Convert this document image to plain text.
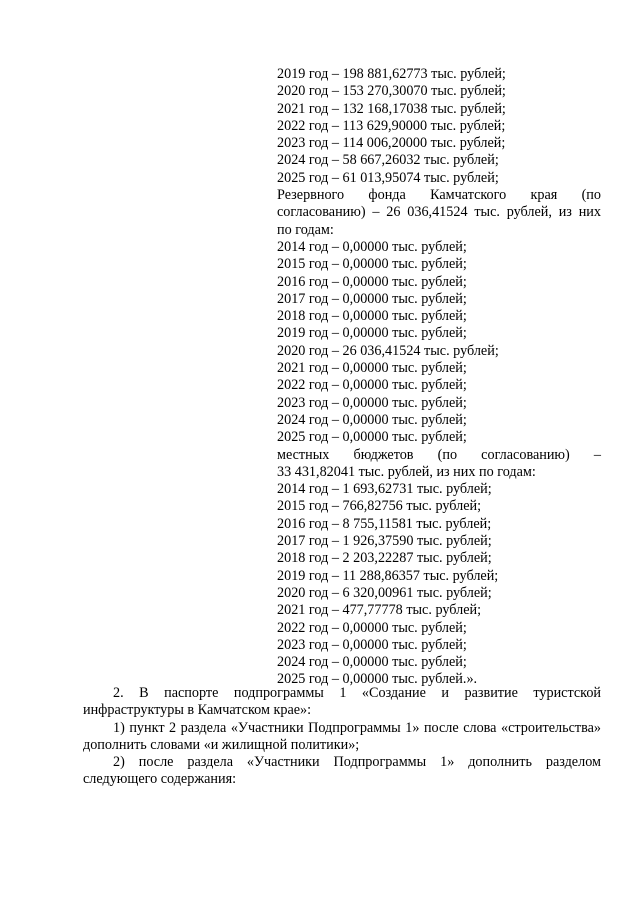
2019 год – 198 881,62773 тыс. рублей;
2020 год – 153 270,30070 тыс. рублей;
2021 год – 132 168,17038 тыс. рублей;
2022 год – 113 629,90000 тыс. рублей;
2023 год – 114 006,20000 тыс. рублей;
2024 год – 58 667,26032 тыс. рублей;
2025 год – 61 013,95074 тыс. рублей;
Резервного фонда Камчатского края (по
согласованию) – 26 036,41524 тыс. рублей, из них
по годам:
2014 год – 0,00000 тыс. рублей;
2015 год – 0,00000 тыс. рублей;
2016 год – 0,00000 тыс. рублей;
2017 год – 0,00000 тыс. рублей;
2018 год – 0,00000 тыс. рублей;
2019 год – 0,00000 тыс. рублей;
2020 год – 26 036,41524 тыс. рублей;
2021 год – 0,00000 тыс. рублей;
2022 год – 0,00000 тыс. рублей;
2023 год – 0,00000 тыс. рублей;
2024 год – 0,00000 тыс. рублей;
2025 год – 0,00000 тыс. рублей;
местных бюджетов (по согласованию) –
33 431,82041 тыс. рублей, из них по годам:
2014 год – 1 693,62731 тыс. рублей;
2015 год – 766,82756 тыс. рублей;
2016 год – 8 755,11581 тыс. рублей;
2017 год – 1 926,37590 тыс. рублей;
2018 год – 2 203,22287 тыс. рублей;
2019 год – 11 288,86357 тыс. рублей;
2020 год – 6 320,00961 тыс. рублей;
2021 год – 477,77778 тыс. рублей;
2022 год – 0,00000 тыс. рублей;
2023 год – 0,00000 тыс. рублей;
2024 год – 0,00000 тыс. рублей;
2025 год – 0,00000 тыс. рублей.».
2. В паспорте подпрограммы 1 «Создание и развитие туристской инфраструктуры в Камчатском крае»:
1) пункт 2 раздела «Участники Подпрограммы 1» после слова «строительства» дополнить словами «и жилищной политики»;
2) после раздела «Участники Подпрограммы 1» дополнить разделом следующего содержания:
